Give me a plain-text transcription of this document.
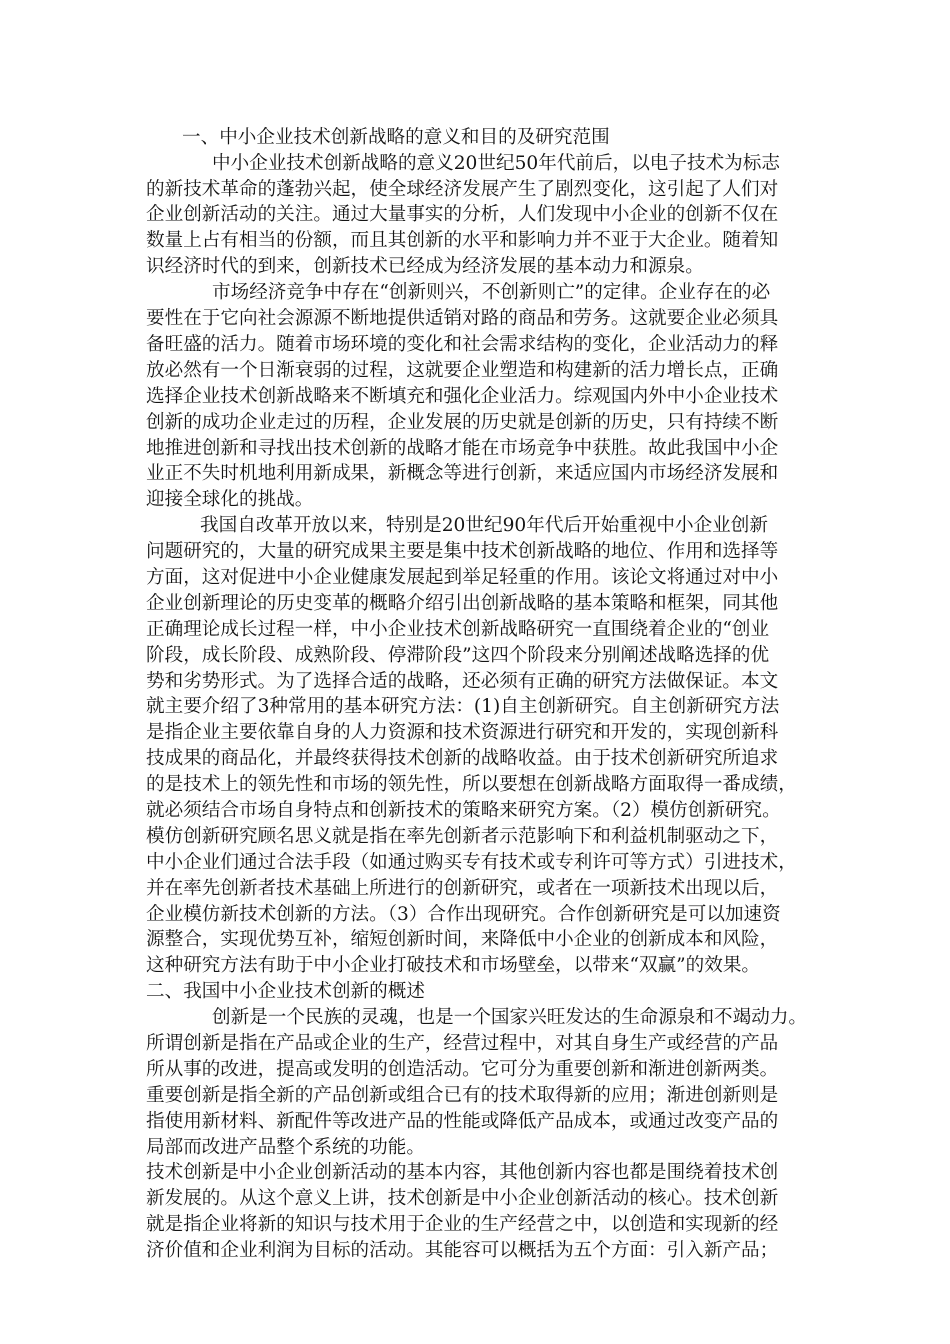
一、中小企业技术创新战略的意义和目的及研究范围

中小企业技术创新战略的意义20世纪50年代前后，以电子技术为标志

的新技术革命的蓬勃兴起，使全球经济发展产生了剧烈变化，这引起了人们对

企业创新活动的关注。通过大量事实的分析，人们发现中小企业的创新不仅在

数量上占有相当的份额，而且其创新的水平和影响力并不亚于大企业。随着知

识经济时代的到来，创新技术已经成为经济发展的基本动力和源泉。

市场经济竞争中存在“创新则兴，不创新则亡”的定律。企业存在的必

要性在于它向社会源源不断地提供适销对路的商品和劳务。这就要企业必须具

备旺盛的活力。随着市场环境的变化和社会需求结构的变化，企业活动力的释

放必然有一个日渐衰弱的过程，这就要企业塑造和构建新的活力增长点，正确

选择企业技术创新战略来不断填充和强化企业活力。综观国内外中小企业技术

创新的成功企业走过的历程，企业发展的历史就是创新的历史，只有持续不断

地推进创新和寻找出技术创新的战略才能在市场竞争中获胜。故此我国中小企

业正不失时机地利用新成果，新概念等进行创新，来适应国内市场经济发展和

迎接全球化的挑战。

我国自改革开放以来，特别是20世纪90年代后开始重视中小企业创新

问题研究的，大量的研究成果主要是集中技术创新战略的地位、作用和选择等

方面，这对促进中小企业健康发展起到举足轻重的作用。该论文将通过对中小

企业创新理论的历史变革的概略介绍引出创新战略的基本策略和框架，同其他

正确理论成长过程一样，中小企业技术创新战略研究一直围绕着企业的“创业

阶段，成长阶段、成熟阶段、停滞阶段”这四个阶段来分别阐述战略选择的优

势和劣势形式。为了选择合适的战略，还必须有正确的研究方法做保证。本文

就主要介绍了3种常用的基本研究方法：(1)自主创新研究。自主创新研究方法

是指企业主要依靠自身的人力资源和技术资源进行研究和开发的，实现创新科

技成果的商品化，并最终获得技术创新的战略收益。由于技术创新研究所追求

的是技术上的领先性和市场的领先性，所以要想在创新战略方面取得一番成绩，

就必须结合市场自身特点和创新技术的策略来研究方案。（2）模仿创新研究。

模仿创新研究顾名思义就是指在率先创新者示范影响下和利益机制驱动之下，

中小企业们通过合法手段（如通过购买专有技术或专利许可等方式）引进技术，

并在率先创新者技术基础上所进行的创新研究，或者在一项新技术出现以后，

企业模仿新技术创新的方法。（3）合作出现研究。合作创新研究是可以加速资

源整合，实现优势互补，缩短创新时间，来降低中小企业的创新成本和风险，

这种研究方法有助于中小企业打破技术和市场壁垒，以带来“双赢”的效果。

二、我国中小企业技术创新的概述

创新是一个民族的灵魂，也是一个国家兴旺发达的生命源泉和不竭动力。

所谓创新是指在产品或企业的生产，经营过程中，对其自身生产或经营的产品

所从事的改进，提高或发明的创造活动。它可分为重要创新和渐进创新两类。

重要创新是指全新的产品创新或组合已有的技术取得新的应用；渐进创新则是

指使用新材料、新配件等改进产品的性能或降低产品成本，或通过改变产品的

局部而改进产品整个系统的功能。

技术创新是中小企业创新活动的基本内容，其他创新内容也都是围绕着技术创

新发展的。从这个意义上讲，技术创新是中小企业创新活动的核心。技术创新

就是指企业将新的知识与技术用于企业的生产经营之中，以创造和实现新的经

济价值和企业利润为目标的活动。其能容可以概括为五个方面：引入新产品；
